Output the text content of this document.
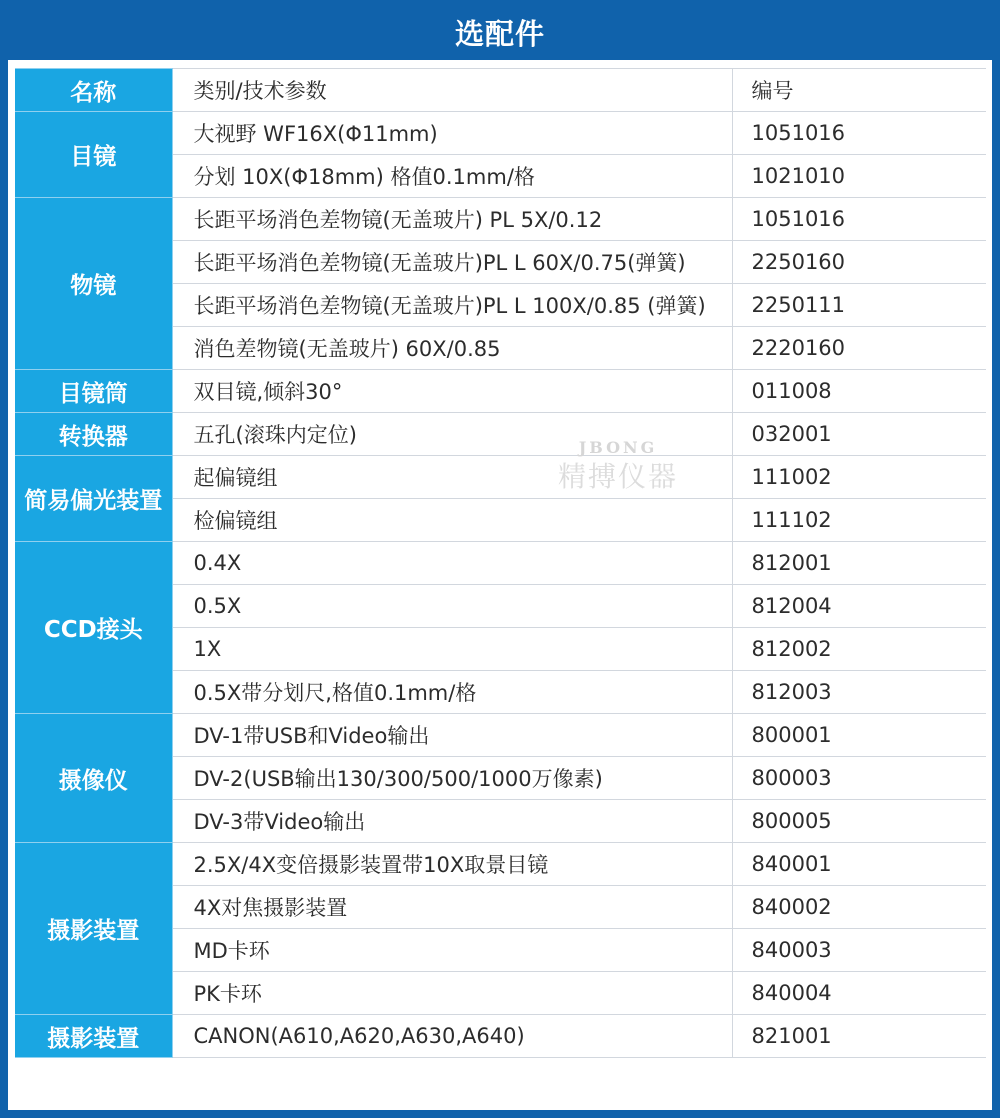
选配件
名称	类别/技术参数	编号
目镜	大视野 WF16X(Φ11mm)	1051016
	分划 10X(Φ18mm) 格值0.1mm/格	1021010
物镜	长距平场消色差物镜(无盖玻片) PL 5X/0.12	1051016
	长距平场消色差物镜(无盖玻片)PL L 60X/0.75(弹簧)	2250160
	长距平场消色差物镜(无盖玻片)PL L 100X/0.85 (弹簧)	2250111
	消色差物镜(无盖玻片) 60X/0.85	2220160
目镜筒	双目镜,倾斜30°	011008
转换器	五孔(滚珠内定位)	032001
简易偏光装置	起偏镜组	111002
	检偏镜组	111102
CCD接头	0.4X	812001
	0.5X	812004
	1X	812002
	0.5X带分划尺,格值0.1mm/格	812003
摄像仪	DV-1带USB和Video输出	800001
	DV-2(USB输出130/300/500/1000万像素)	800003
	DV-3带Video输出	800005
摄影装置	2.5X/4X变倍摄影装置带10X取景目镜	840001
	4X对焦摄影装置	840002
	MD卡环	840003
	PK卡环	840004
摄影装置	CANON(A610,A620,A630,A640)	821001
JBONG
精搏仪器
